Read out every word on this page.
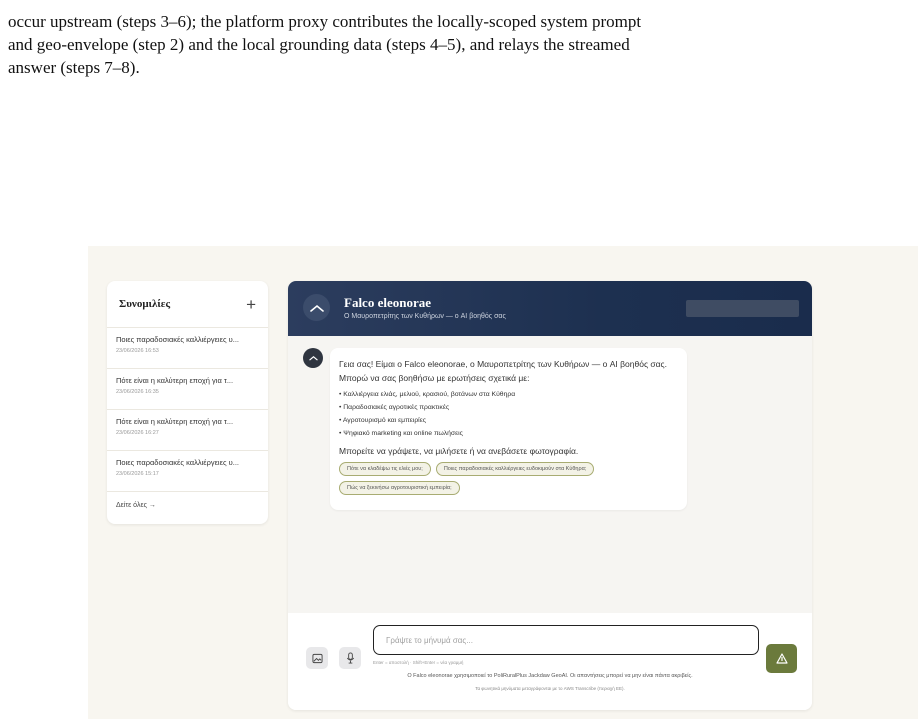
occur upstream (steps 3–6); the platform proxy contributes the locally-scoped system prompt
and geo-envelope (step 2) and the local grounding data (steps 4–5), and relays the streamed
answer (steps 7–8).
Συνομιλίες	+
Ποιες παραδοσιακές καλλιέργειες υ...
23/06/2026 16:53
Πότε είναι η καλύτερη εποχή για τ...
23/06/2026 16:35
Πότε είναι η καλύτερη εποχή για τ...
23/06/2026 16:27
Ποιες παραδοσιακές καλλιέργειες υ...
23/06/2026 15:17
Δείτε όλες →
Falco eleonorae
Ο Μαυροπετρίτης των Κυθήρων — ο AI βοηθός σας
Γεια σας! Είμαι ο Falco eleonorae, ο Μαυροπετρίτης των Κυθήρων — ο AI βοηθός σας. Μπορώ να σας βοηθήσω με ερωτήσεις σχετικά με:
• Καλλιέργεια ελιάς, μελιού, κρασιού, βοτάνων στα Κύθηρα
• Παραδοσιακές αγροτικές πρακτικές
• Αγροτουρισμό και εμπειρίες
• Ψηφιακό marketing και online πωλήσεις
Μπορείτε να γράψετε, να μιλήσετε ή να ανεβάσετε φωτογραφία.
Πότε να κλαδέψω τις ελιές μου;	Ποιες παραδοσιακές καλλιέργειες ευδοκιμούν στα Κύθηρα;
Πώς να ξεκινήσω αγροτουριστική εμπειρία;
Γράψτε το μήνυμά σας...
Enter = αποστολή · Shift+Enter = νέα γραμμή
Ο Falco eleonorae χρησιμοποιεί το PoliRuralPlus Jackdaw GeoAI. Οι απαντήσεις μπορεί να μην είναι πάντα ακριβείς.
Τα φωνητικά μηνύματα μεταγράφονται με το AWS Transcribe (περιοχή ΕΕ).
